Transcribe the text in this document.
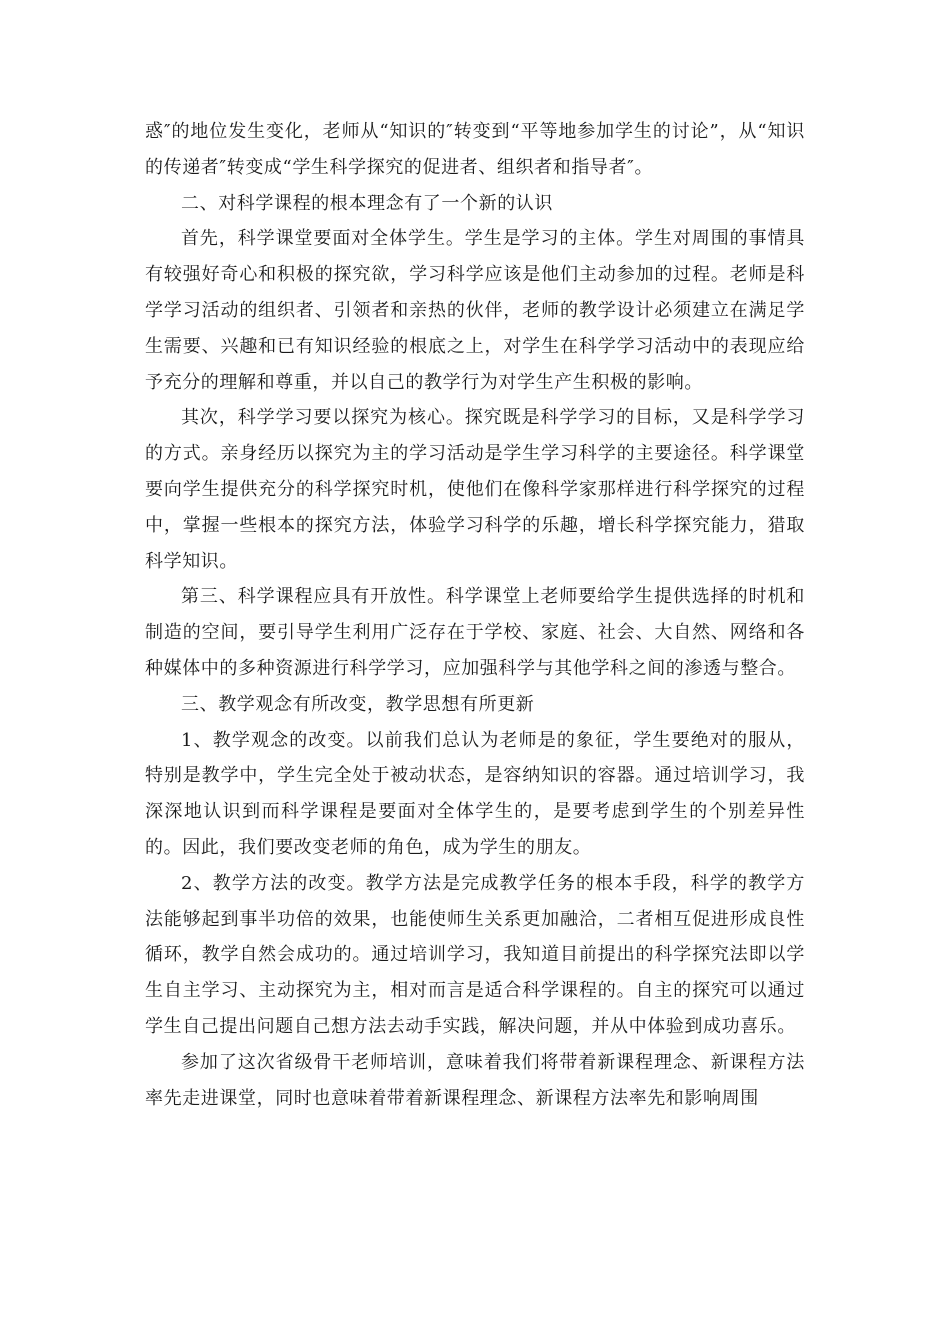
惑″的地位发生变化，老师从“知识的″转变到“平等地参加学生的讨论”，从“知识的传递者″转变成“学生科学探究的促进者、组织者和指导者″。

二、对科学课程的根本理念有了一个新的认识

首先，科学课堂要面对全体学生。学生是学习的主体。学生对周围的事情具有较强好奇心和积极的探究欲，学习科学应该是他们主动参加的过程。老师是科学学习活动的组织者、引领者和亲热的伙伴，老师的教学设计必须建立在满足学生需要、兴趣和已有知识经验的根底之上，对学生在科学学习活动中的表现应给予充分的理解和尊重，并以自己的教学行为对学生产生积极的影响。

其次，科学学习要以探究为核心。探究既是科学学习的目标，又是科学学习的方式。亲身经历以探究为主的学习活动是学生学习科学的主要途径。科学课堂要向学生提供充分的科学探究时机，使他们在像科学家那样进行科学探究的过程中，掌握一些根本的探究方法，体验学习科学的乐趣，增长科学探究能力，猎取科学知识。

第三、科学课程应具有开放性。科学课堂上老师要给学生提供选择的时机和制造的空间，要引导学生利用广泛存在于学校、家庭、社会、大自然、网络和各种媒体中的多种资源进行科学学习，应加强科学与其他学科之间的渗透与整合。

三、教学观念有所改变，教学思想有所更新

1、教学观念的改变。以前我们总认为老师是的象征，学生要绝对的服从，特别是教学中，学生完全处于被动状态，是容纳知识的容器。通过培训学习，我深深地认识到而科学课程是要面对全体学生的，是要考虑到学生的个别差异性的。因此，我们要改变老师的角色，成为学生的朋友。

2、教学方法的改变。教学方法是完成教学任务的根本手段，科学的教学方法能够起到事半功倍的效果，也能使师生关系更加融洽，二者相互促进形成良性循环，教学自然会成功的。通过培训学习，我知道目前提出的科学探究法即以学生自主学习、主动探究为主，相对而言是适合科学课程的。自主的探究可以通过学生自己提出问题自己想方法去动手实践，解决问题，并从中体验到成功喜乐。

参加了这次省级骨干老师培训，意味着我们将带着新课程理念、新课程方法率先走进课堂，同时也意味着带着新课程理念、新课程方法率先和影响周围
